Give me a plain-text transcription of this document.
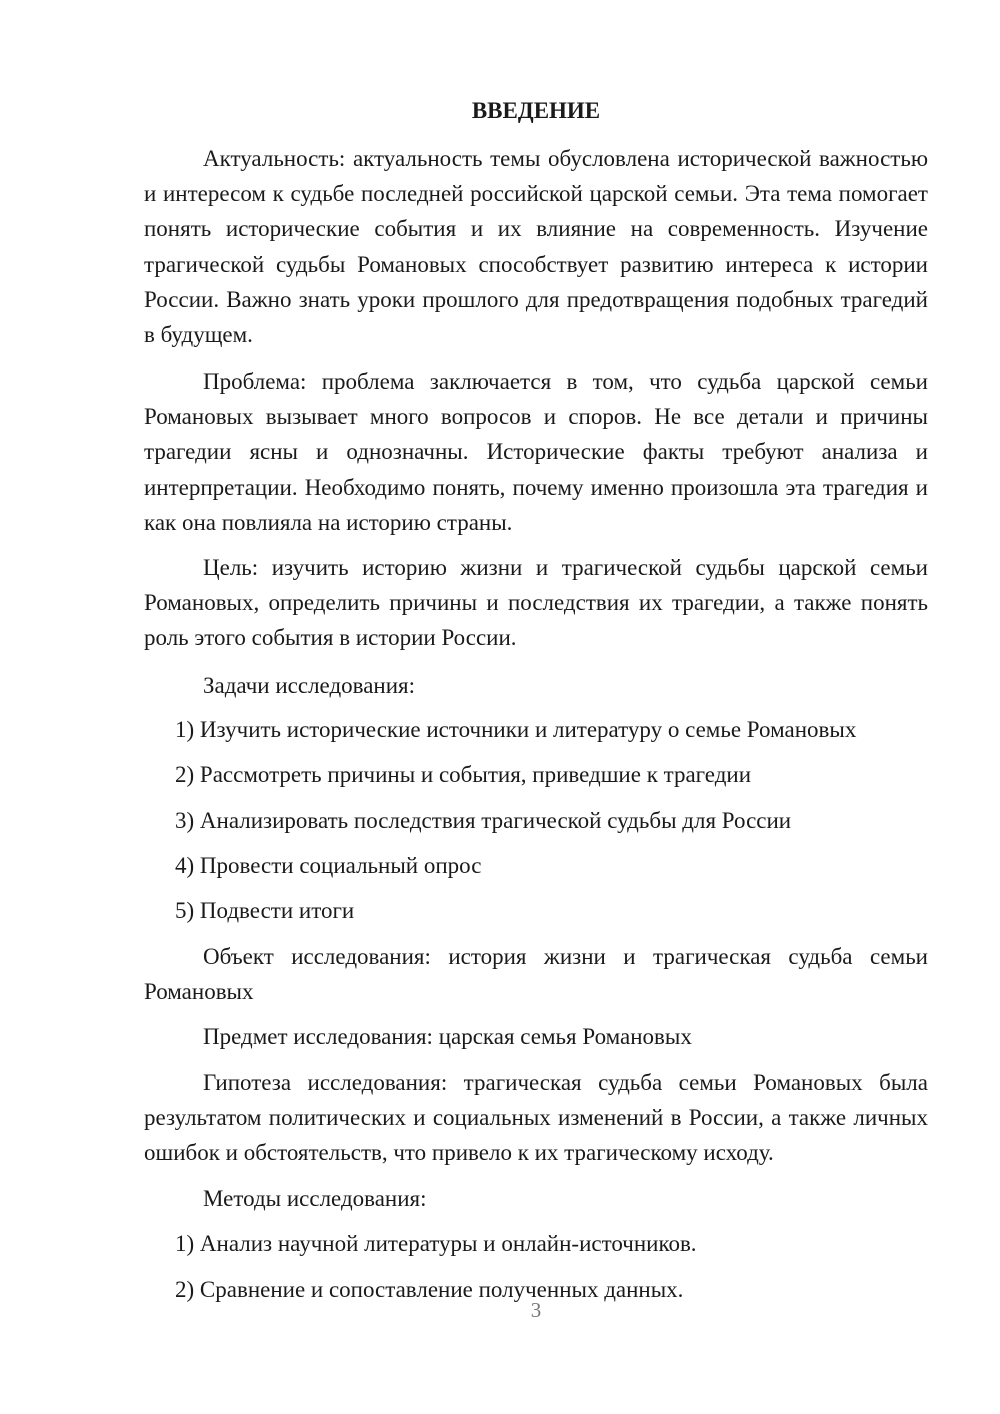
ВВЕДЕНИЕ

Актуальность: актуальность темы обусловлена исторической важностью и интересом к судьбе последней российской царской семьи. Эта тема помогает понять исторические события и их влияние на современность. Изучение трагической судьбы Романовых способствует развитию интереса к истории России. Важно знать уроки прошлого для предотвращения подобных трагедий в будущем.

Проблема: проблема заключается в том, что судьба царской семьи Романовых вызывает много вопросов и споров. Не все детали и причины трагедии ясны и однозначны. Исторические факты требуют анализа и интерпретации. Необходимо понять, почему именно произошла эта трагедия и как она повлияла на историю страны.

Цель: изучить историю жизни и трагической судьбы царской семьи Романовых, определить причины и последствия их трагедии, а также понять роль этого события в истории России.

Задачи исследования:

1) Изучить исторические источники и литературу о семье Романовых

2) Рассмотреть причины и события, приведшие к трагедии

3) Анализировать последствия трагической судьбы для России

4) Провести социальный опрос

5) Подвести итоги

Объект исследования: история жизни и трагическая судьба семьи Романовых

Предмет исследования: царская семья Романовых

Гипотеза исследования: трагическая судьба семьи Романовых была результатом политических и социальных изменений в России, а также личных ошибок и обстоятельств, что привело к их трагическому исходу.

Методы исследования:

1) Анализ научной литературы и онлайн-источников.

2) Сравнение и сопоставление полученных данных.

3
